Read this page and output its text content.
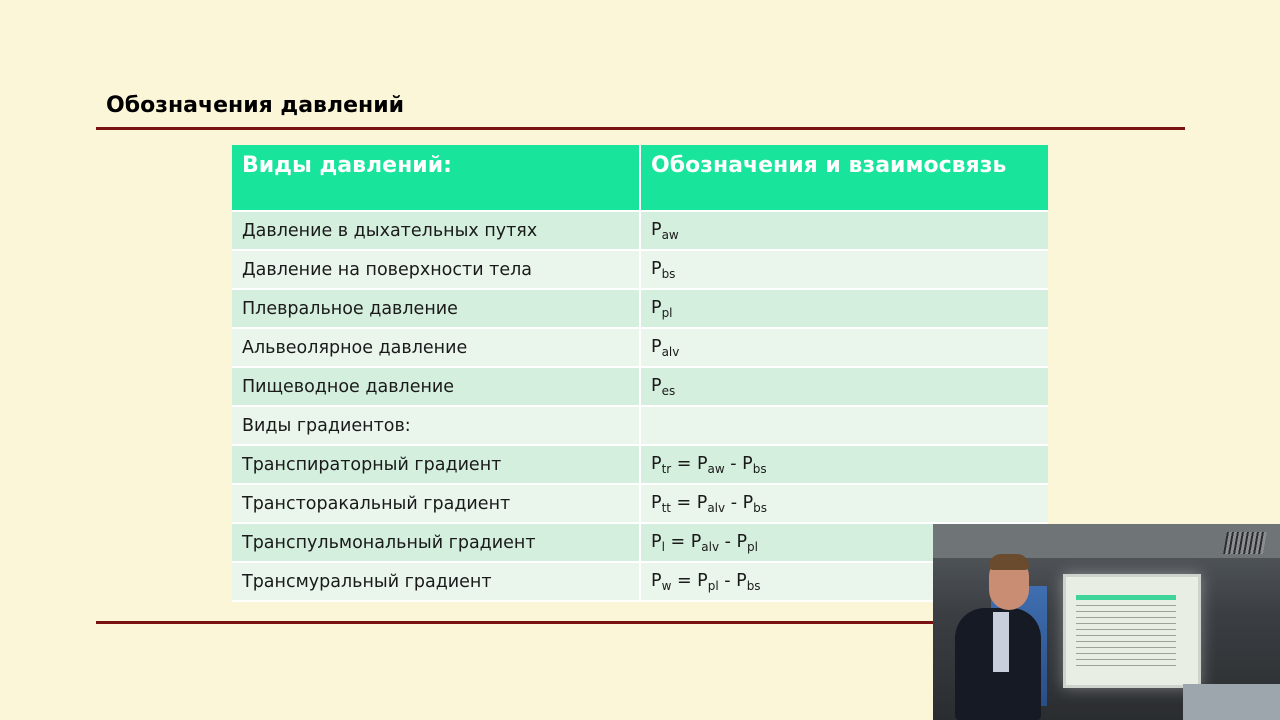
Обозначения давлений
Виды давлений:	Обозначения и взаимосвязь
Давление в дыхательных путях	$P_{aw}$
Давление на поверхности тела	$P_{bs}$
Плевральное давление	$P_{pl}$
Альвеолярное давление	$P_{alv}$
Пищеводное давление	$P_{es}$
Виды градиентов:	
Транспираторный градиент	$P_{tr} = P_{aw} - P_{bs}$
Трансторакальный градиент	$P_{tt} = P_{alv} - P_{bs}$
Транспульмональный градиент	$P_l = P_{alv} - P_{pl}$
Трансмуральный градиент	$P_w = P_{pl} - P_{bs}$
